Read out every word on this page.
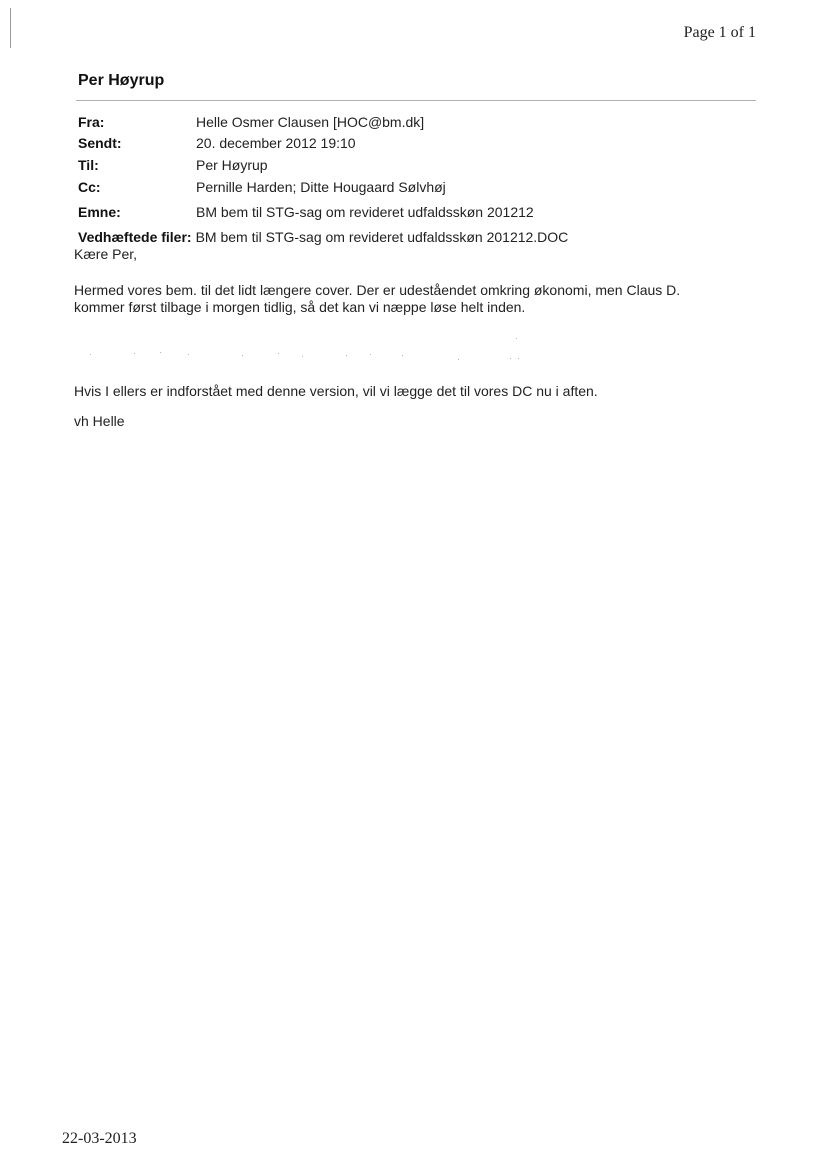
Page 1 of 1
Per Høyrup
Fra:	Helle Osmer Clausen [HOC@bm.dk]
Sendt:	20. december 2012 19:10
Til:	Per Høyrup
Cc:	Pernille Harden; Ditte Hougaard Sølvhøj
Emne:	BM bem til STG-sag om revideret udfaldsskøn 201212
Vedhæftede filer: BM bem til STG-sag om revideret udfaldsskøn 201212.DOC
Kære Per,
Hermed vores bem. til det lidt længere cover. Der er udeståendet omkring økonomi, men Claus D.
kommer først tilbage i morgen tidlig, så det kan vi næppe løse helt inden.
Hvis I ellers er indforstået med denne version, vil vi lægge det til vores DC nu i aften.
vh Helle
22-03-2013
